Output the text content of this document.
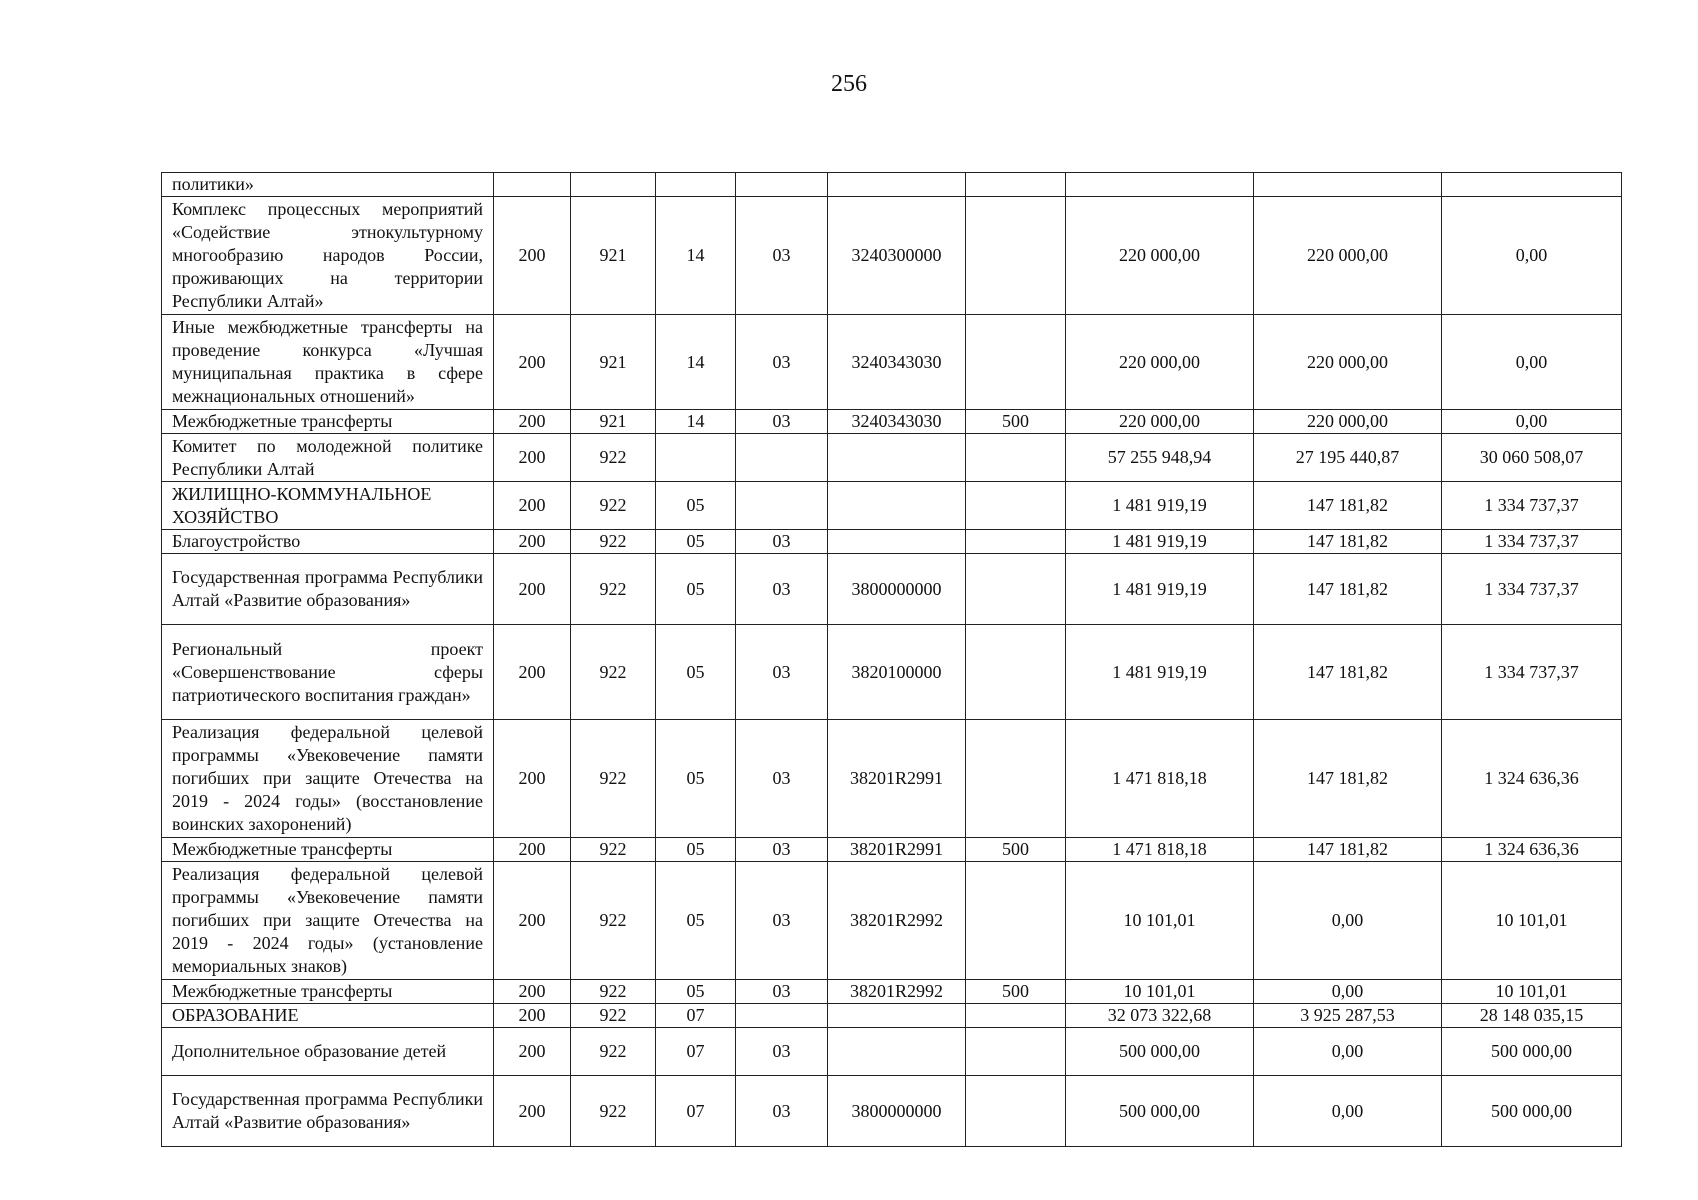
256
политики»									
Комплекс процессных мероприятий «Содействие этнокультурному многообразию народов России, проживающих на территории Республики Алтай»	200	921	14	03	3240300000		220 000,00	220 000,00	0,00
Иные межбюджетные трансферты на проведение конкурса «Лучшая муниципальная практика в сфере межнациональных отношений»	200	921	14	03	3240343030		220 000,00	220 000,00	0,00
Межбюджетные трансферты	200	921	14	03	3240343030	500	220 000,00	220 000,00	0,00
Комитет по молодежной политике Республики Алтай	200	922					57 255 948,94	27 195 440,87	30 060 508,07
ЖИЛИЩНО-КОММУНАЛЬНОЕ ХОЗЯЙСТВО	200	922	05				1 481 919,19	147 181,82	1 334 737,37
Благоустройство	200	922	05	03			1 481 919,19	147 181,82	1 334 737,37
Государственная программа Республики Алтай «Развитие образования»	200	922	05	03	3800000000		1 481 919,19	147 181,82	1 334 737,37
Региональный проект «Совершенствование сферы патриотического воспитания граждан»	200	922	05	03	3820100000		1 481 919,19	147 181,82	1 334 737,37
Реализация федеральной целевой программы «Увековечение памяти погибших при защите Отечества на 2019 - 2024 годы» (восстановление воинских захоронений)	200	922	05	03	38201R2991		1 471 818,18	147 181,82	1 324 636,36
Межбюджетные трансферты	200	922	05	03	38201R2991	500	1 471 818,18	147 181,82	1 324 636,36
Реализация федеральной целевой программы «Увековечение памяти погибших при защите Отечества на 2019 - 2024 годы» (установление мемориальных знаков)	200	922	05	03	38201R2992		10 101,01	0,00	10 101,01
Межбюджетные трансферты	200	922	05	03	38201R2992	500	10 101,01	0,00	10 101,01
ОБРАЗОВАНИЕ	200	922	07				32 073 322,68	3 925 287,53	28 148 035,15
Дополнительное образование детей	200	922	07	03			500 000,00	0,00	500 000,00
Государственная программа Республики Алтай «Развитие образования»	200	922	07	03	3800000000		500 000,00	0,00	500 000,00
